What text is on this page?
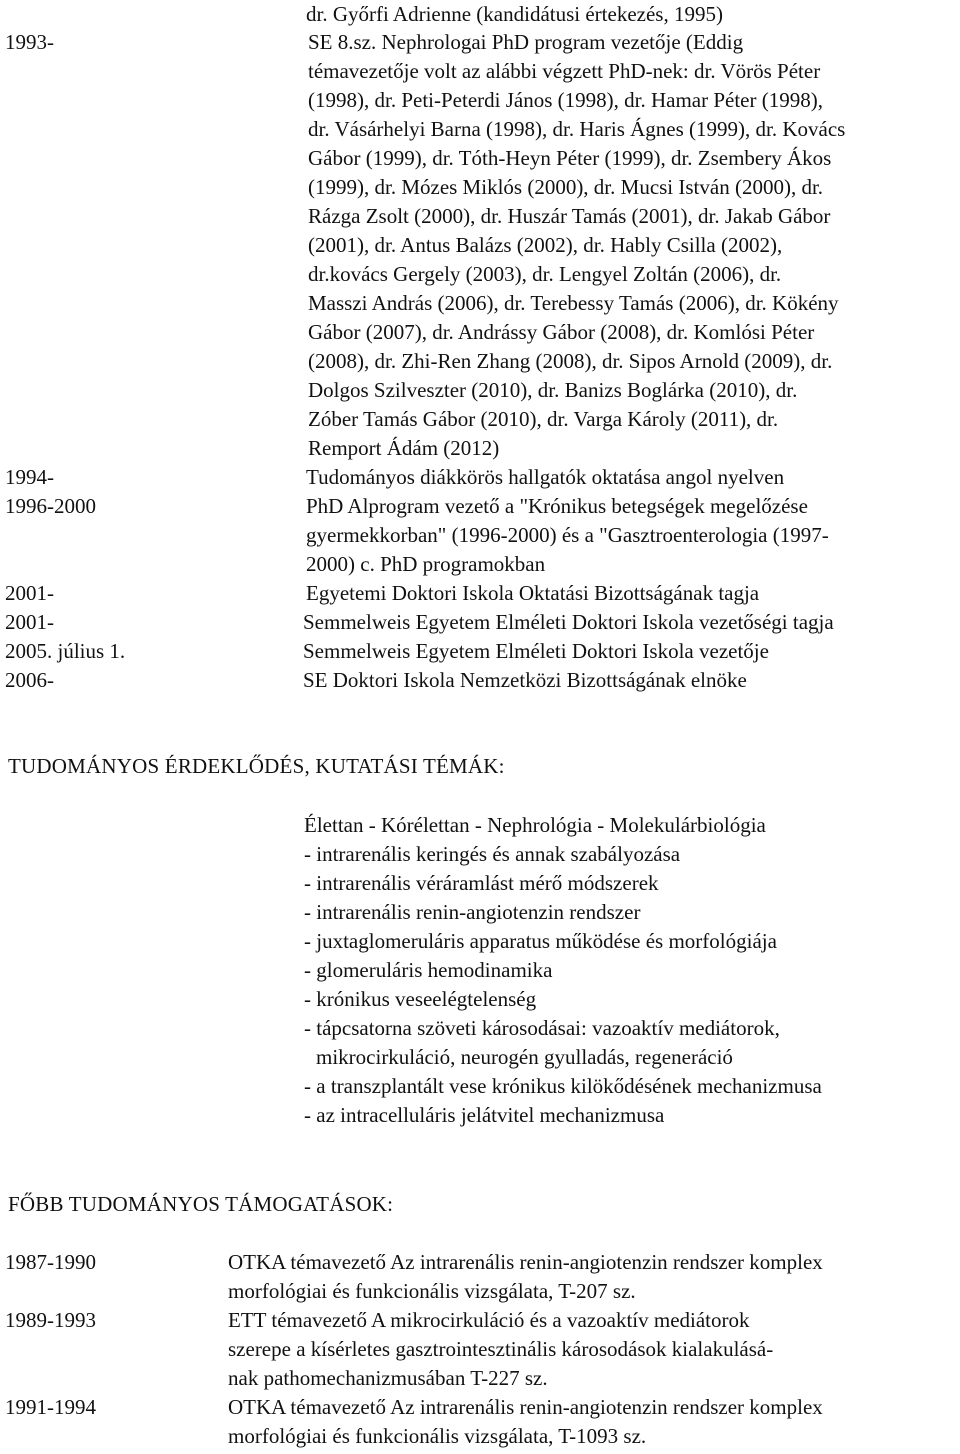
dr. Győrfi Adrienne (kandidátusi értekezés, 1995)
1993-	SE 8.sz. Nephrologai PhD program vezetője (Eddig
témavezetője volt az alábbi végzett PhD-nek: dr. Vörös Péter
(1998), dr. Peti-Peterdi János (1998), dr. Hamar Péter (1998),
dr. Vásárhelyi Barna (1998), dr. Haris Ágnes (1999), dr. Kovács
Gábor (1999), dr. Tóth-Heyn Péter (1999), dr. Zsembery Ákos
(1999), dr. Mózes Miklós (2000), dr. Mucsi István (2000), dr.
Rázga Zsolt (2000), dr. Huszár Tamás (2001), dr. Jakab Gábor
(2001), dr. Antus Balázs (2002), dr. Hably Csilla (2002),
dr.kovács Gergely (2003), dr. Lengyel Zoltán (2006), dr.
Masszi András (2006), dr. Terebessy Tamás (2006), dr. Kökény
Gábor (2007), dr. Andrássy Gábor (2008), dr. Komlósi Péter
(2008), dr. Zhi-Ren Zhang (2008), dr. Sipos Arnold (2009), dr.
Dolgos Szilveszter (2010), dr. Banizs Boglárka (2010), dr.
Zóber Tamás Gábor (2010), dr. Varga Károly (2011), dr.
Remport Ádám (2012)
1994-	Tudományos diákkörös hallgatók oktatása angol nyelven
1996-2000	PhD Alprogram vezető a "Krónikus betegségek megelőzése
gyermekkorban" (1996-2000) és a "Gasztroenterologia (1997-
2000) c. PhD programokban
2001-	Egyetemi Doktori Iskola Oktatási Bizottságának tagja
2001-	Semmelweis Egyetem Elméleti Doktori Iskola vezetőségi tagja
2005. július 1.	Semmelweis Egyetem Elméleti Doktori Iskola vezetője
2006-	SE Doktori Iskola Nemzetközi Bizottságának elnöke
TUDOMÁNYOS ÉRDEKLŐDÉS, KUTATÁSI TÉMÁK:
Élettan - Kórélettan - Nephrológia - Molekulárbiológia
- intrarenális keringés és annak szabályozása
- intrarenális véráramlást mérő módszerek
- intrarenális renin-angiotenzin rendszer
- juxtaglomeruláris apparatus működése és morfológiája
- glomeruláris hemodinamika
- krónikus veseelégtelenség
- tápcsatorna szöveti károsodásai: vazoaktív mediátorok,
mikrocirkuláció, neurogén gyulladás, regeneráció
- a transzplantált vese krónikus kilökődésének mechanizmusa
- az intracelluláris jelátvitel mechanizmusa
FŐBB TUDOMÁNYOS TÁMOGATÁSOK:
1987-1990	OTKA témavezető Az intrarenális renin-angiotenzin rendszer komplex
morfológiai és funkcionális vizsgálata, T-207 sz.
1989-1993	ETT témavezető A mikrocirkuláció és a vazoaktív mediátorok
szerepe a kísérletes gasztrointesztinális károsodások kialakulásá-
nak pathomechanizmusában T-227 sz.
1991-1994	OTKA témavezető Az intrarenális renin-angiotenzin rendszer komplex
morfológiai és funkcionális vizsgálata, T-1093 sz.
